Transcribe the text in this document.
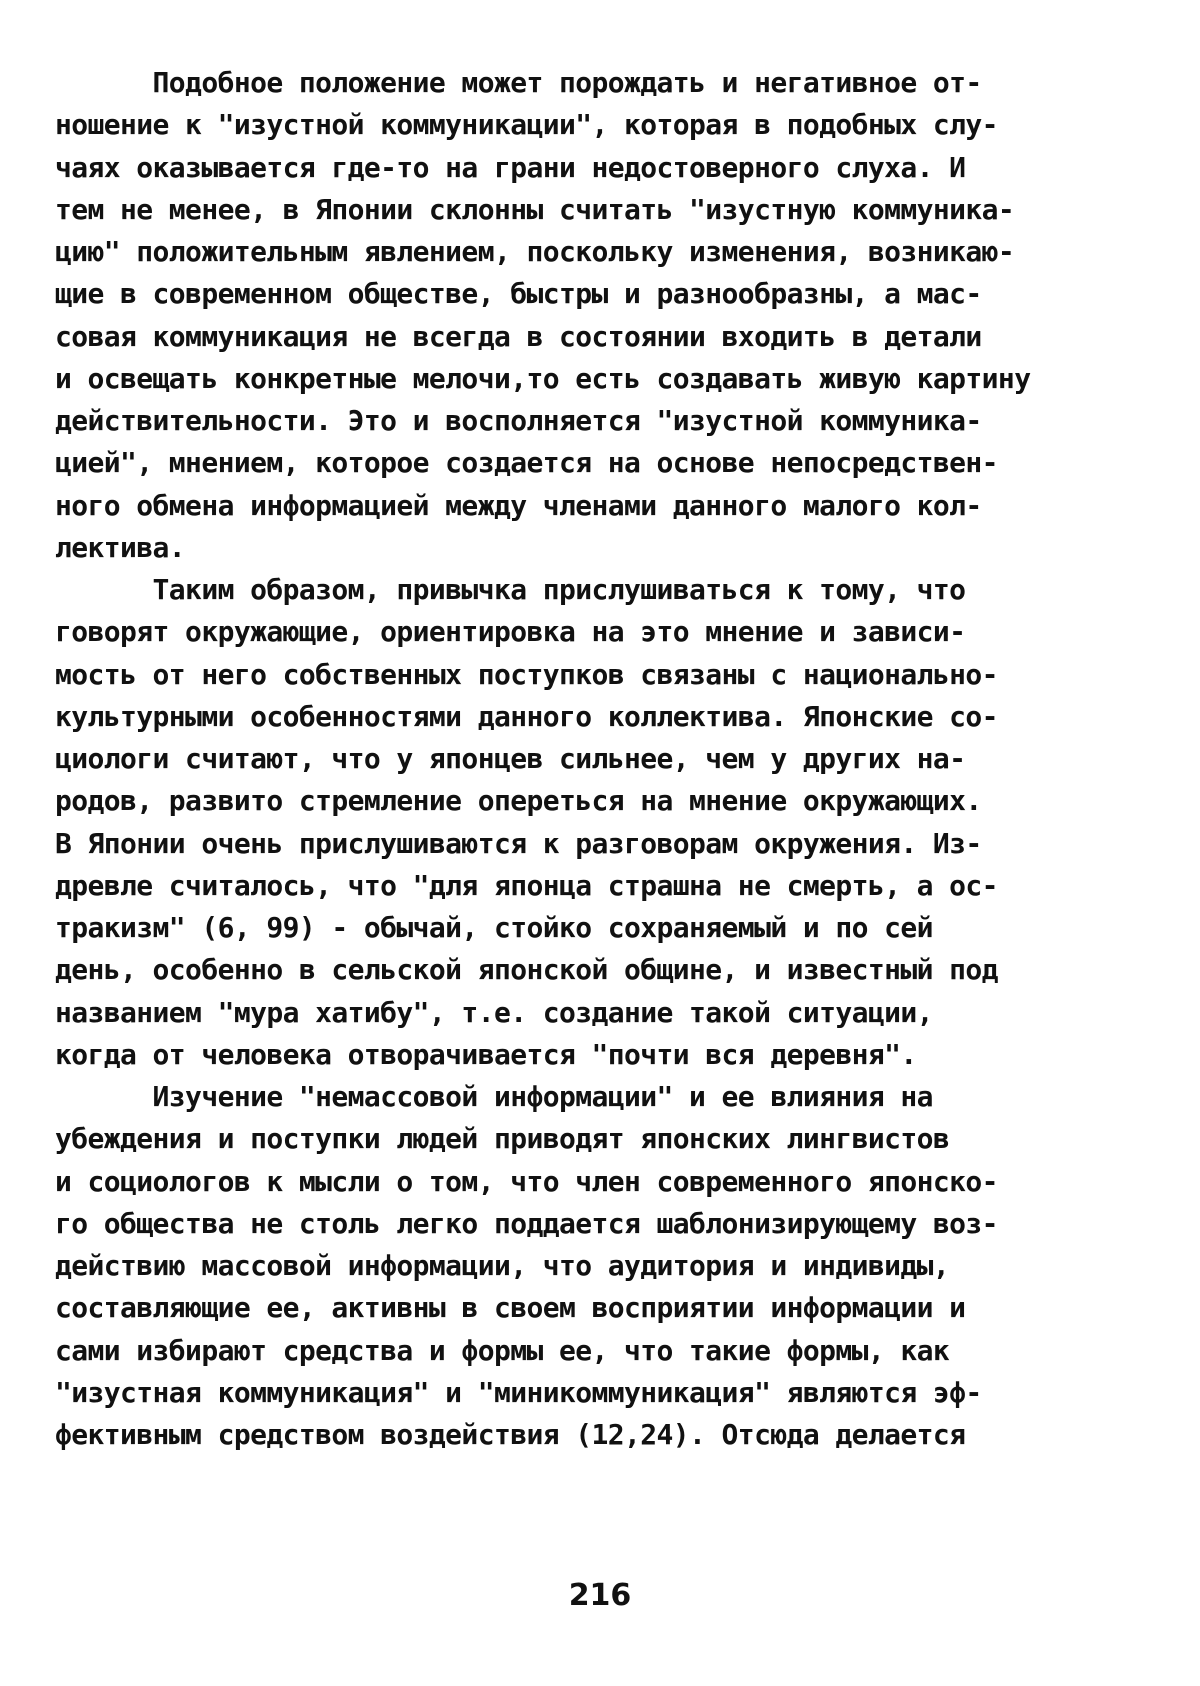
Подобное положение может порождать и негативное от-
ношение к "изустной коммуникации", которая в подобных слу-
чаях оказывается где-то на грани недостоверного слуха. И
тем не менее, в Японии склонны считать "изустную коммуника-
цию" положительным явлением, поскольку изменения, возникаю-
щие в современном обществе, быстры и разнообразны, а мас-
совая коммуникация не всегда в состоянии входить в детали
и освещать конкретные мелочи,то есть создавать живую картину
действительности. Это и восполняется "изустной коммуника-
цией", мнением, которое создается на основе непосредствен-
ного обмена информацией между членами данного малого кол-
лектива.
Таким образом, привычка прислушиваться к тому, что
говорят окружающие, ориентировка на это мнение и зависи-
мость от него собственных поступков связаны с национально-
культурными особенностями данного коллектива. Японские со-
циологи считают, что у японцев сильнее, чем у других на-
родов, развито стремление опереться на мнение окружающих.
В Японии очень прислушиваются к разговорам окружения. Из-
древле считалось, что "для японца страшна не смерть, а ос-
тракизм" (6, 99) - обычай, стойко сохраняемый и по сей
день, особенно в сельской японской общине, и известный под
названием "мура хатибу", т.е. создание такой ситуации,
когда от человека отворачивается "почти вся деревня".
Изучение "немассовой информации" и ее влияния на
убеждения и поступки людей приводят японских лингвистов
и социологов к мысли о том, что член современного японско-
го общества не столь легко поддается шаблонизирующему воз-
действию массовой информации, что аудитория и индивиды,
составляющие ее, активны в своем восприятии информации и
сами избирают средства и формы ее, что такие формы, как
"изустная коммуникация" и "миникоммуникация" являются эф-
фективным средством воздействия (12,24). Отсюда делается
216
